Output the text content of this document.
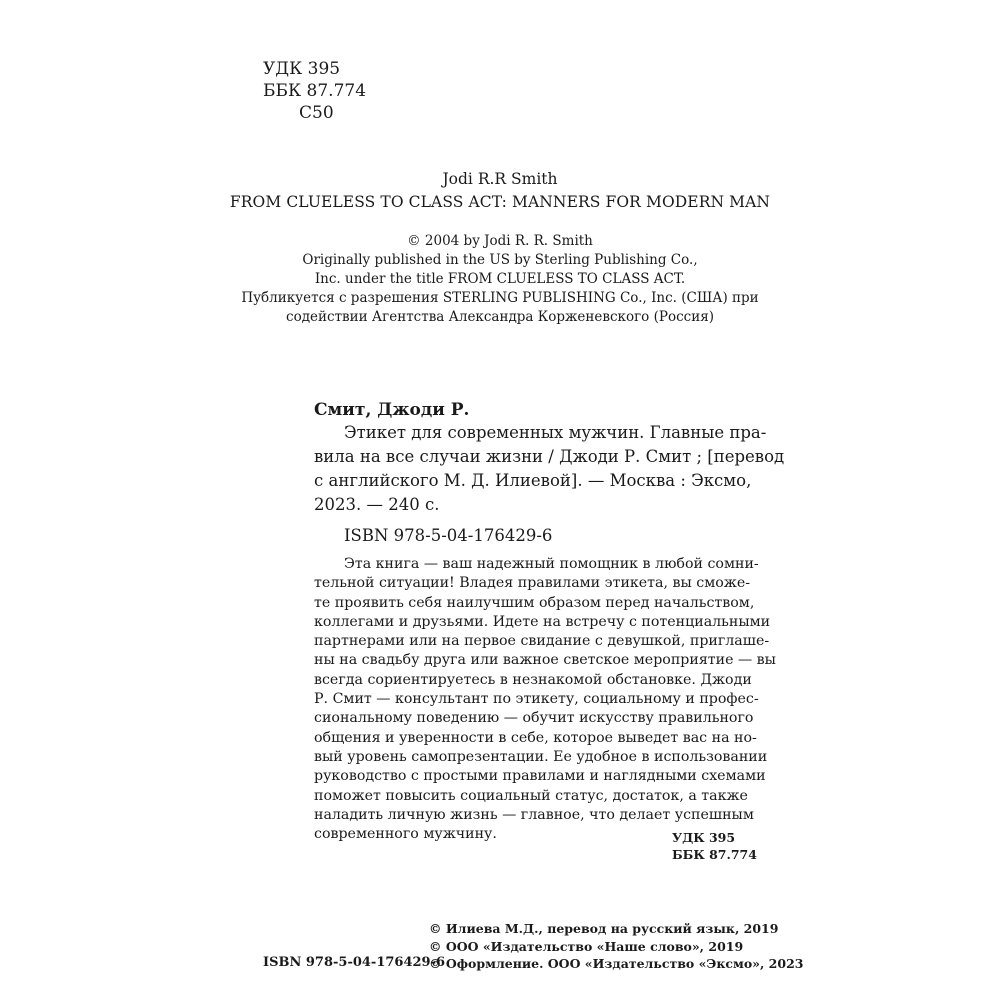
УДК 395
ББК 87.774
С50
Jodi R.R Smith
FROM CLUELESS TO CLASS ACT: MANNERS FOR MODERN MAN
© 2004 by Jodi R. R. Smith
Originally published in the US by Sterling Publishing Co.,
Inc. under the title FROM CLUELESS TO CLASS ACT.
Публикуется с разрешения STERLING PUBLISHING Co., Inc. (США) при
содействии Агентства Александра Корженевского (Россия)
Смит, Джоди Р.
Этикет для современных мужчин. Главные пра-
вила на все случаи жизни / Джоди Р. Смит ; [перевод
с английского М. Д. Илиевой]. — Москва : Эксмо,
2023. — 240 с.
ISBN 978-5-04-176429-6
Эта книга — ваш надежный помощник в любой сомни-
тельной ситуации! Владея правилами этикета, вы сможе-
те проявить себя наилучшим образом перед начальством,
коллегами и друзьями. Идете на встречу с потенциальными
партнерами или на первое свидание с девушкой, приглаше-
ны на свадьбу друга или важное светское мероприятие — вы
всегда сориентируетесь в незнакомой обстановке. Джоди
Р. Смит — консультант по этикету, социальному и профес-
сиональному поведению — обучит искусству правильного
общения и уверенности в себе, которое выведет вас на но-
вый уровень самопрезентации. Ее удобное в использовании
руководство с простыми правилами и наглядными схемами
поможет повысить социальный статус, достаток, а также
наладить личную жизнь — главное, что делает успешным
современного мужчину.	УДК 395
ББК 87.774
© Илиева М.Д., перевод на русский язык, 2019
© ООО «Издательство «Наше слово», 2019
© Оформление. ООО «Издательство «Эксмо», 2023
ISBN 978-5-04-176429-6
